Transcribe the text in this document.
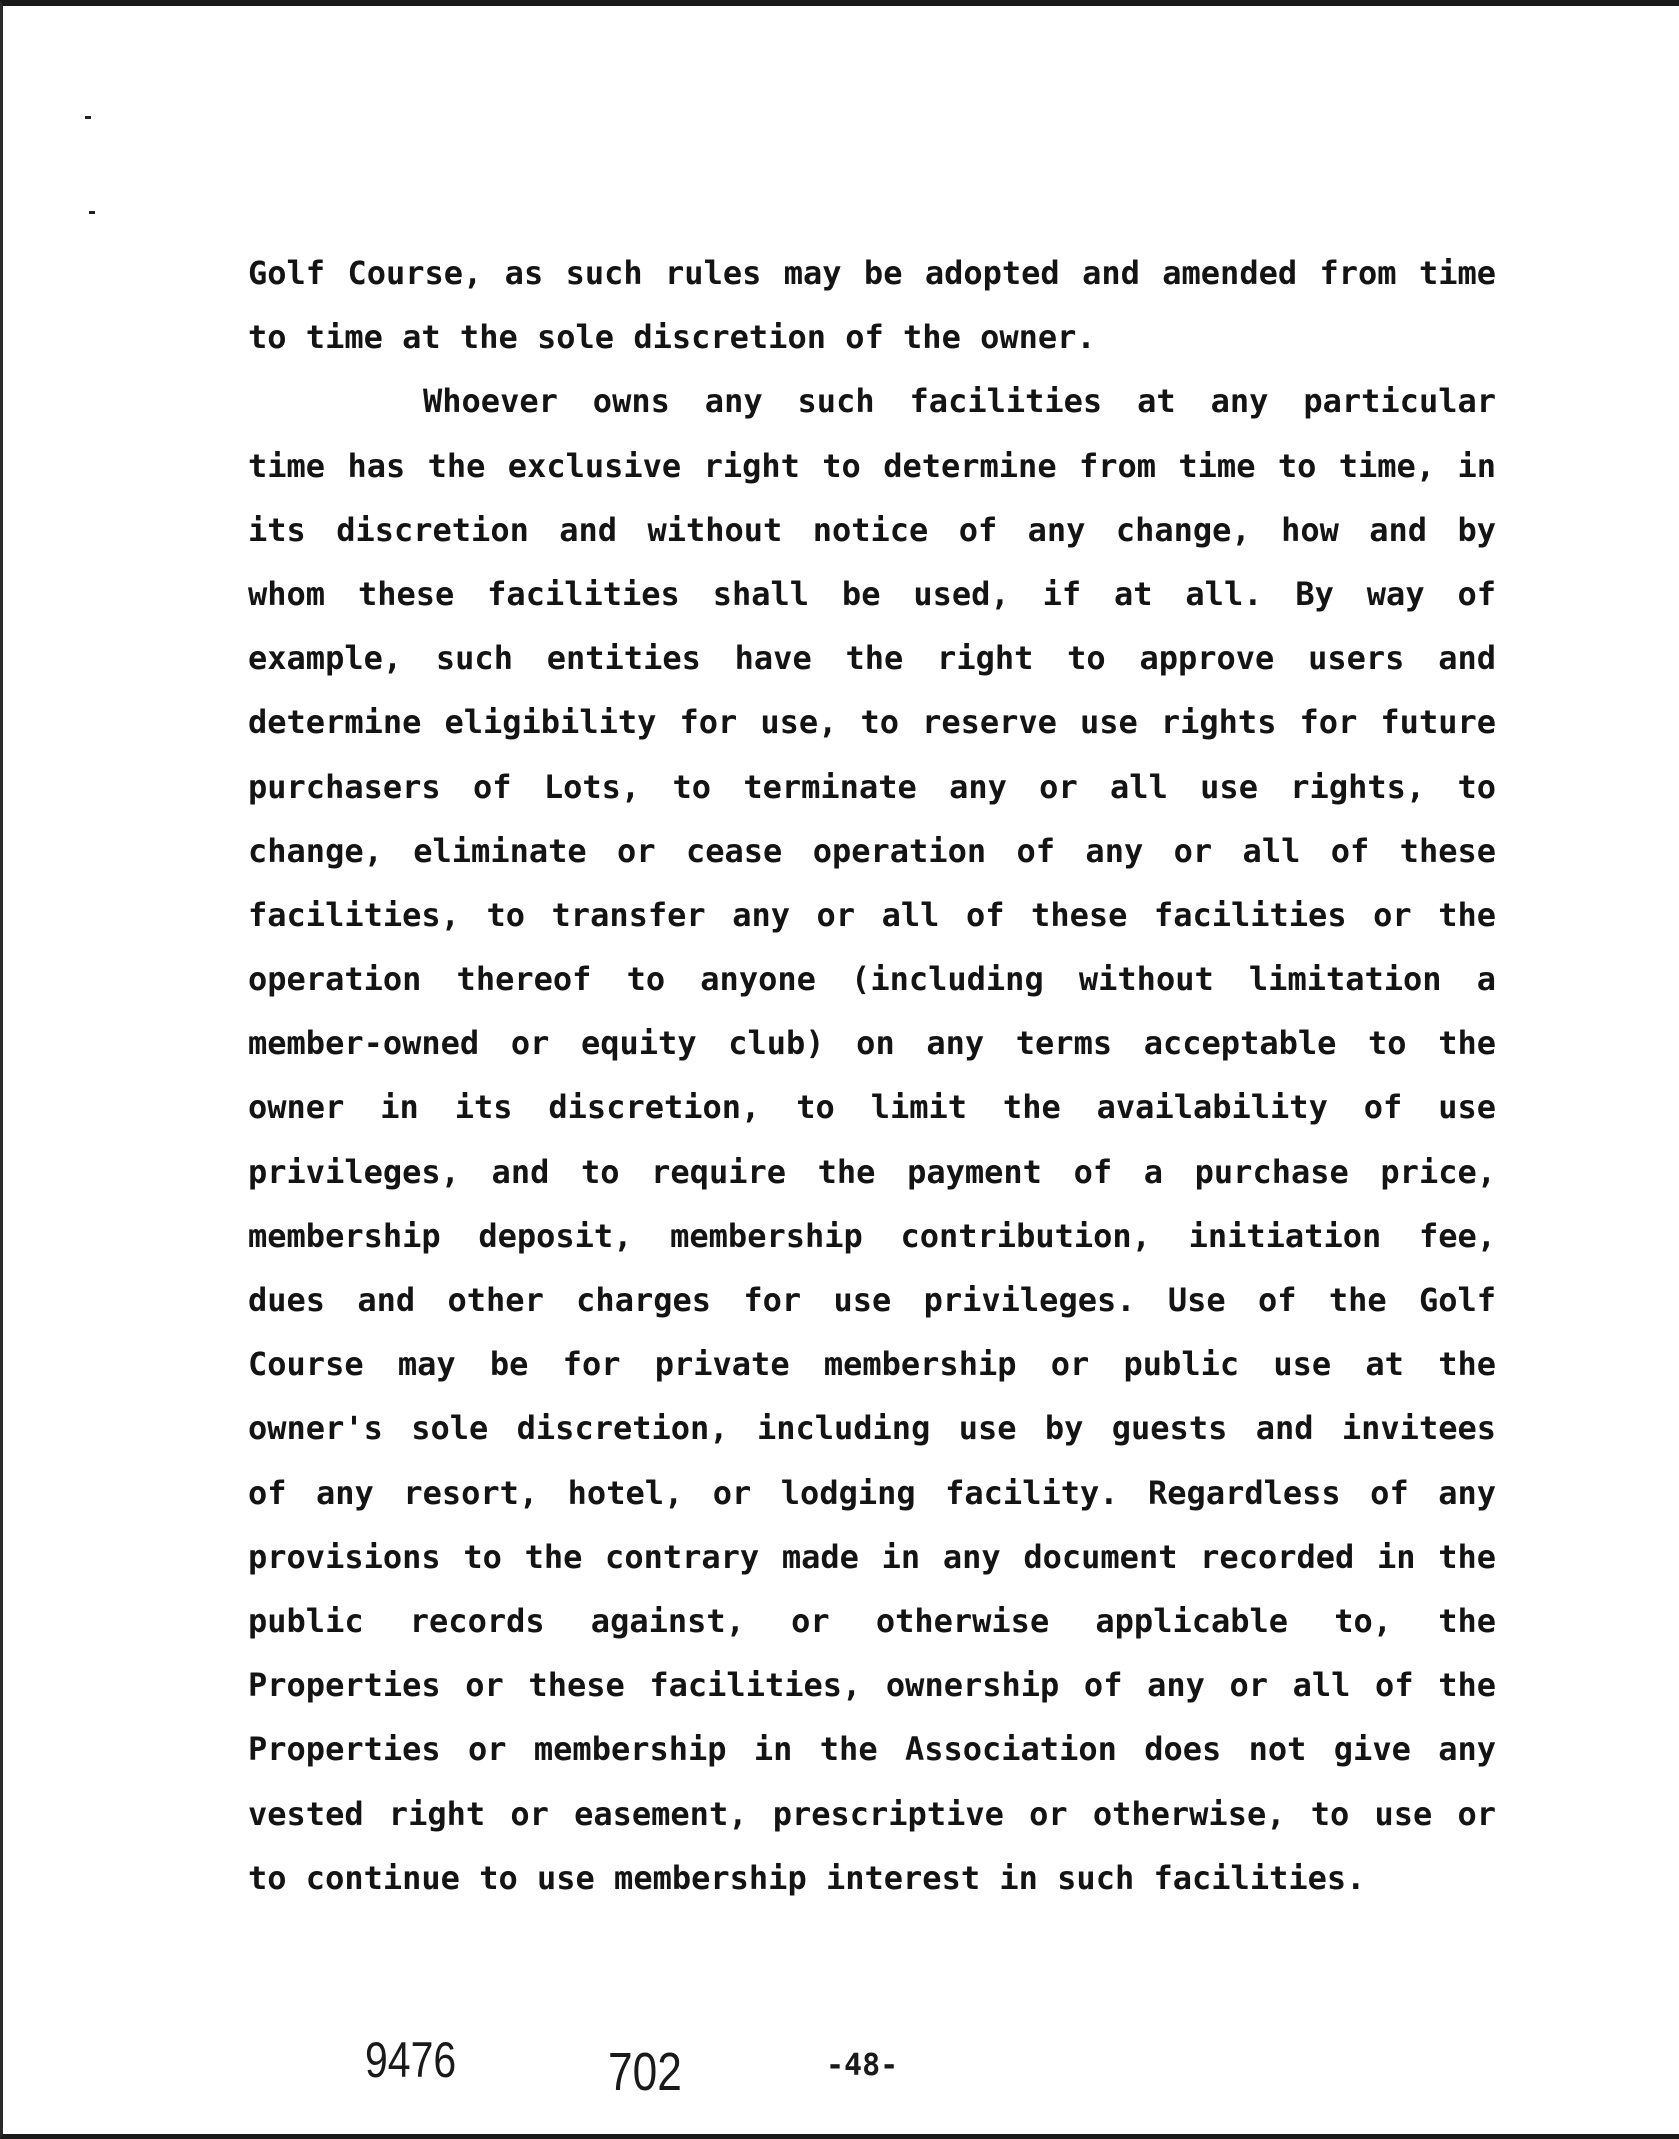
Golf Course, as such rules may be adopted and amended from time
to time at the sole discretion of the owner.
Whoever owns any such facilities at any particular
time has the exclusive right to determine from time to time, in
its discretion and without notice of any change, how and by
whom these facilities shall be used, if at all. By way of
example, such entities have the right to approve users and
determine eligibility for use, to reserve use rights for future
purchasers of Lots, to terminate any or all use rights, to
change, eliminate or cease operation of any or all of these
facilities, to transfer any or all of these facilities or the
operation thereof to anyone (including without limitation a
member-owned or equity club) on any terms acceptable to the
owner in its discretion, to limit the availability of use
privileges, and to require the payment of a purchase price,
membership deposit, membership contribution, initiation fee,
dues and other charges for use privileges. Use of the Golf
Course may be for private membership or public use at the
owner's sole discretion, including use by guests and invitees
of any resort, hotel, or lodging facility. Regardless of any
provisions to the contrary made in any document recorded in the
public records against, or otherwise applicable to, the
Properties or these facilities, ownership of any or all of the
Properties or membership in the Association does not give any
vested right or easement, prescriptive or otherwise, to use or
to continue to use membership interest in such facilities.
9476	702	-48-
